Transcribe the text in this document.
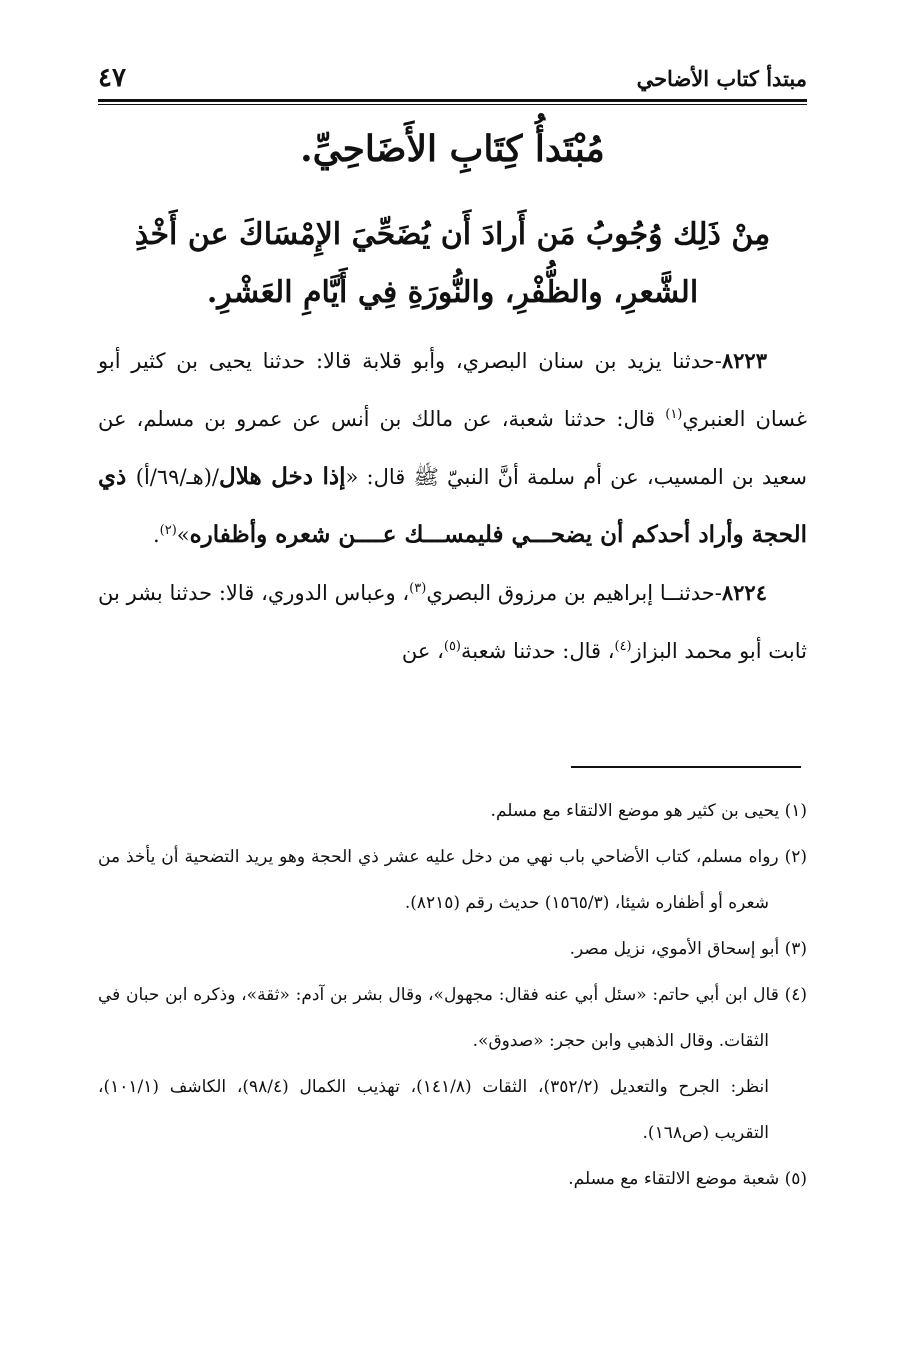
مبتدأ كتاب الأضاحي
٤٧
مُبْتَدأُ كِتَابِ الأَضَاحِيِّ.
مِنْ ذَلِك وُجُوبُ مَن أَرادَ أَن يُضَحِّيَ الإِمْسَاكَ عن أَخْذِ الشَّعرِ، والظُّفْرِ، والنُّورَةِ فِي أَيَّامِ العَشْرِ.

٨٢٢٣-حدثنا يزيد بن سنان البصري، وأبو قلابة قالا: حدثنا يحيى بن كثير أبو غسان العنبري$^{(١)}$ قال: حدثنا شعبة، عن مالك بن أنس عن عمرو بن مسلم، عن سعيد بن المسيب، عن أم سلمة أنَّ النبيّ ﷺ قال: «إذا دخل هلال/(هـ/٦٩/أ) ذي الحجة وأراد أحدكم أن يضحـــي فليمســـك عــــن شعره وأظفاره»$^{(٢)}$.

٨٢٢٤-حدثنــا إبراهيم بن مرزوق البصري$^{(٣)}$، وعباس الدوري، قالا: حدثنا بشر بن ثابت أبو محمد البزاز$^{(٤)}$، قال: حدثنا شعبة$^{(٥)}$، عن

(١) يحيى بن كثير هو موضع الالتقاء مع مسلم.

(٢) رواه مسلم، كتاب الأضاحي باب نهي من دخل عليه عشر ذي الحجة وهو يريد التضحية أن يأخذ من شعره أو أظفاره شيئا، (١٥٦٥/٣) حديث رقم (٨٢١٥).

(٣) أبو إسحاق الأموي، نزيل مصر.

(٤) قال ابن أبي حاتم: «سئل أبي عنه فقال: مجهول»، وقال بشر بن آدم: «ثقة»، وذكره ابن حبان في الثقات. وقال الذهبي وابن حجر: «صدوق».

انظر: الجرح والتعديل (٣٥٢/٢)، الثقات (١٤١/٨)، تهذيب الكمال (٩٨/٤)، الكاشف (١٠١/١)، التقريب (ص١٦٨).

(٥) شعبة موضع الالتقاء مع مسلم.
